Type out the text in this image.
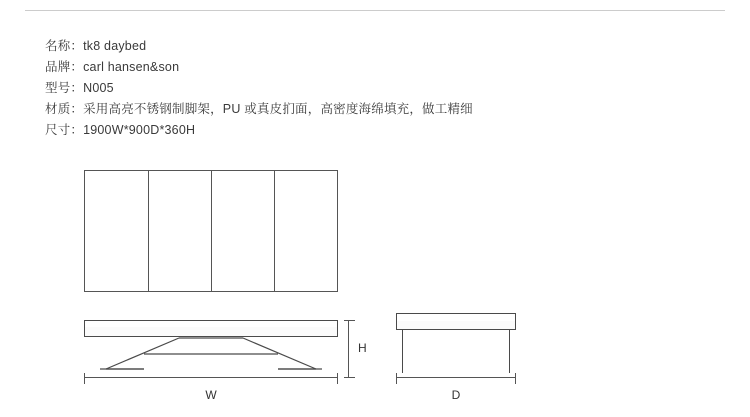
名称：tk8 daybed
品牌：carl hansen&son
型号：N005
材质：采用高亮不锈钢制脚架，PU 或真皮扪面，高密度海绵填充，做工精细
尺寸：1900W*900D*360H
W
H
D
